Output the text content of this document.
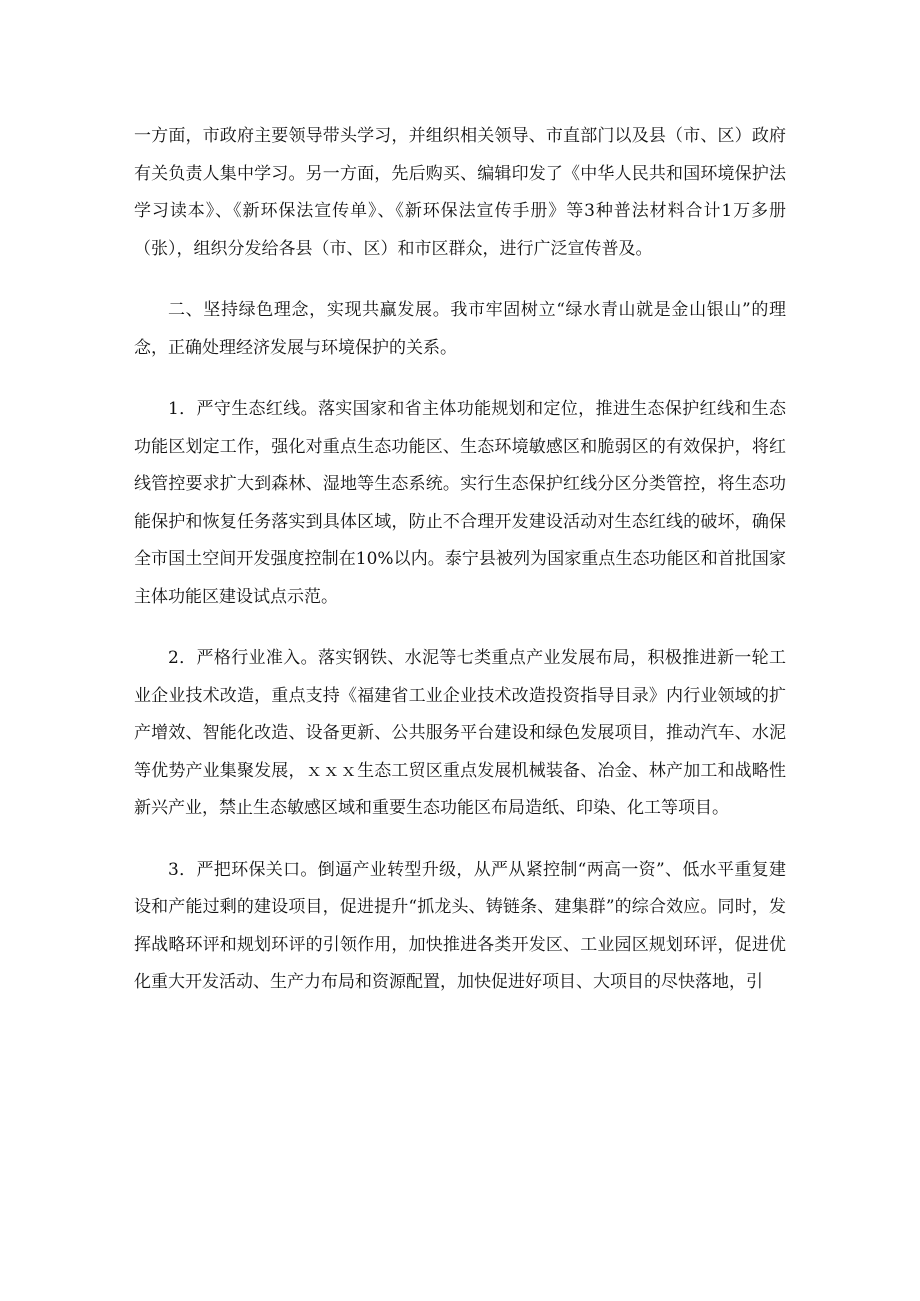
一方面，市政府主要领导带头学习，并组织相关领导、市直部门以及县（市、区）政府有关负责人集中学习。另一方面，先后购买、编辑印发了《中华人民共和国环境保护法学习读本》、《新环保法宣传单》、《新环保法宣传手册》等3种普法材料合计1万多册（张），组织分发给各县（市、区）和市区群众，进行广泛宣传普及。

二、坚持绿色理念，实现共赢发展。我市牢固树立“绿水青山就是金山银山”的理念，正确处理经济发展与环境保护的关系。

1．严守生态红线。落实国家和省主体功能规划和定位，推进生态保护红线和生态功能区划定工作，强化对重点生态功能区、生态环境敏感区和脆弱区的有效保护，将红线管控要求扩大到森林、湿地等生态系统。实行生态保护红线分区分类管控，将生态功能保护和恢复任务落实到具体区域，防止不合理开发建设活动对生态红线的破坏，确保全市国土空间开发强度控制在10%以内。泰宁县被列为国家重点生态功能区和首批国家主体功能区建设试点示范。

2．严格行业准入。落实钢铁、水泥等七类重点产业发展布局，积极推进新一轮工业企业技术改造，重点支持《福建省工业企业技术改造投资指导目录》内行业领域的扩产增效、智能化改造、设备更新、公共服务平台建设和绿色发展项目，推动汽车、水泥等优势产业集聚发展，ｘｘｘ生态工贸区重点发展机械装备、冶金、林产加工和战略性新兴产业，禁止生态敏感区域和重要生态功能区布局造纸、印染、化工等项目。

3．严把环保关口。倒逼产业转型升级，从严从紧控制“两高一资”、低水平重复建设和产能过剩的建设项目，促进提升“抓龙头、铸链条、建集群”的综合效应。同时，发挥战略环评和规划环评的引领作用，加快推进各类开发区、工业园区规划环评，促进优化重大开发活动、生产力布局和资源配置，加快促进好项目、大项目的尽快落地，引
